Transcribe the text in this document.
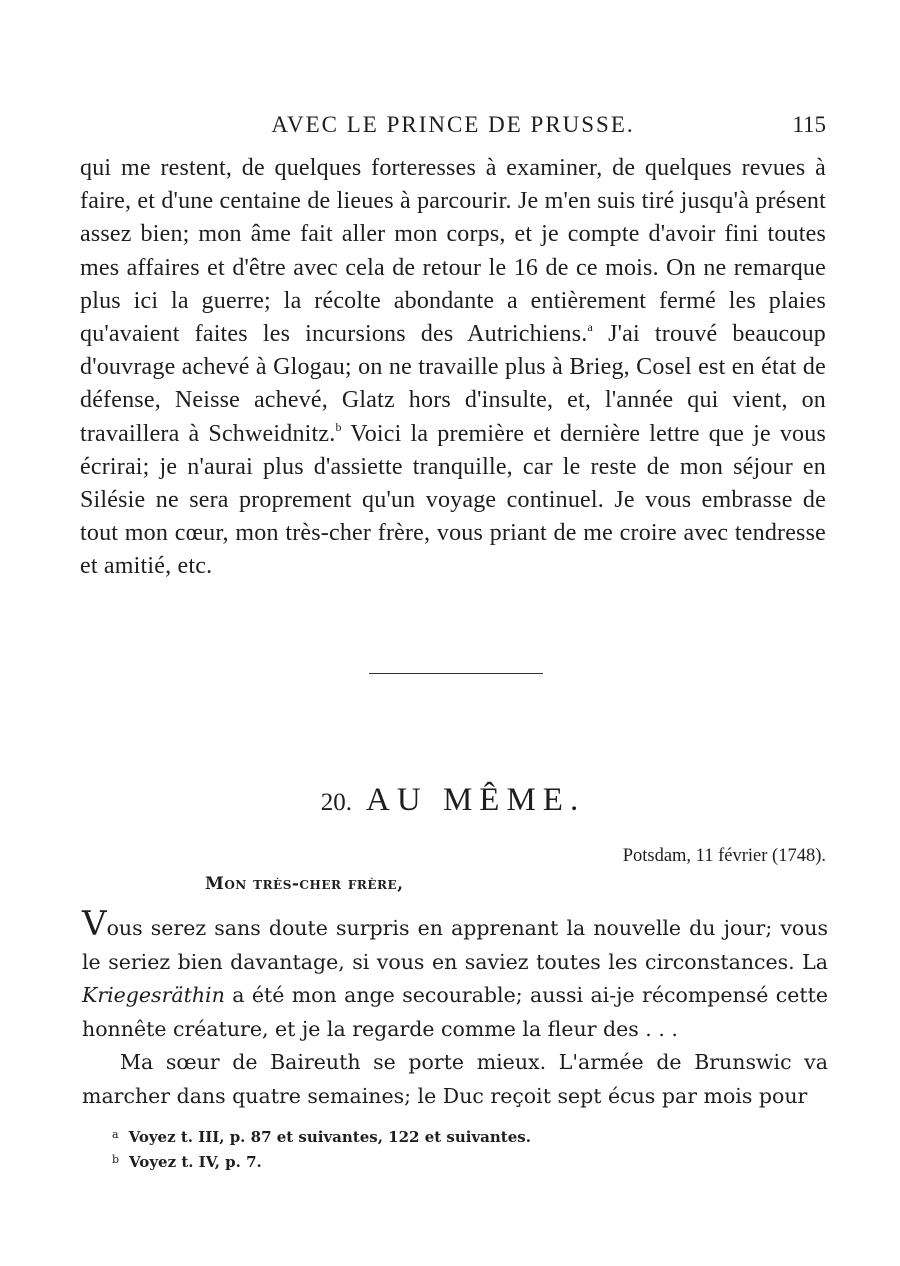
AVEC LE PRINCE DE PRUSSE.	115

qui me restent, de quelques forteresses à examiner, de quelques revues à faire, et d'une centaine de lieues à parcourir. Je m'en suis tiré jusqu'à présent assez bien; mon âme fait aller mon corps, et je compte d'avoir fini toutes mes affaires et d'être avec cela de retour le 16 de ce mois. On ne remarque plus ici la guerre; la récolte abondante a entièrement fermé les plaies qu'avaient faites les incursions des Autrichiens.$^a$ J'ai trouvé beaucoup d'ouvrage achevé à Glogau; on ne travaille plus à Brieg, Cosel est en état de défense, Neisse achevé, Glatz hors d'insulte, et, l'année qui vient, on travaillera à Schweidnitz.$^b$ Voici la première et dernière lettre que je vous écrirai; je n'aurai plus d'assiette tranquille, car le reste de mon séjour en Silésie ne sera proprement qu'un voyage continuel. Je vous embrasse de tout mon cœur, mon très-cher frère, vous priant de me croire avec tendresse et amitié, etc.

20. AU MÊME.
Potsdam, 11 février (1748).
Mon très-cher frère,

Vous serez sans doute surpris en apprenant la nouvelle du jour; vous le seriez bien davantage, si vous en saviez toutes les circonstances. La Kriegesräthin a été mon ange secourable; aussi ai-je récompensé cette honnête créature, et je la regarde comme la fleur des . . .

Ma sœur de Baireuth se porte mieux. L'armée de Brunswic va marcher dans quatre semaines; le Duc reçoit sept écus par mois pour

$^a$ Voyez t. III, p. 87 et suivantes, 122 et suivantes.

$^b$ Voyez t. IV, p. 7.
